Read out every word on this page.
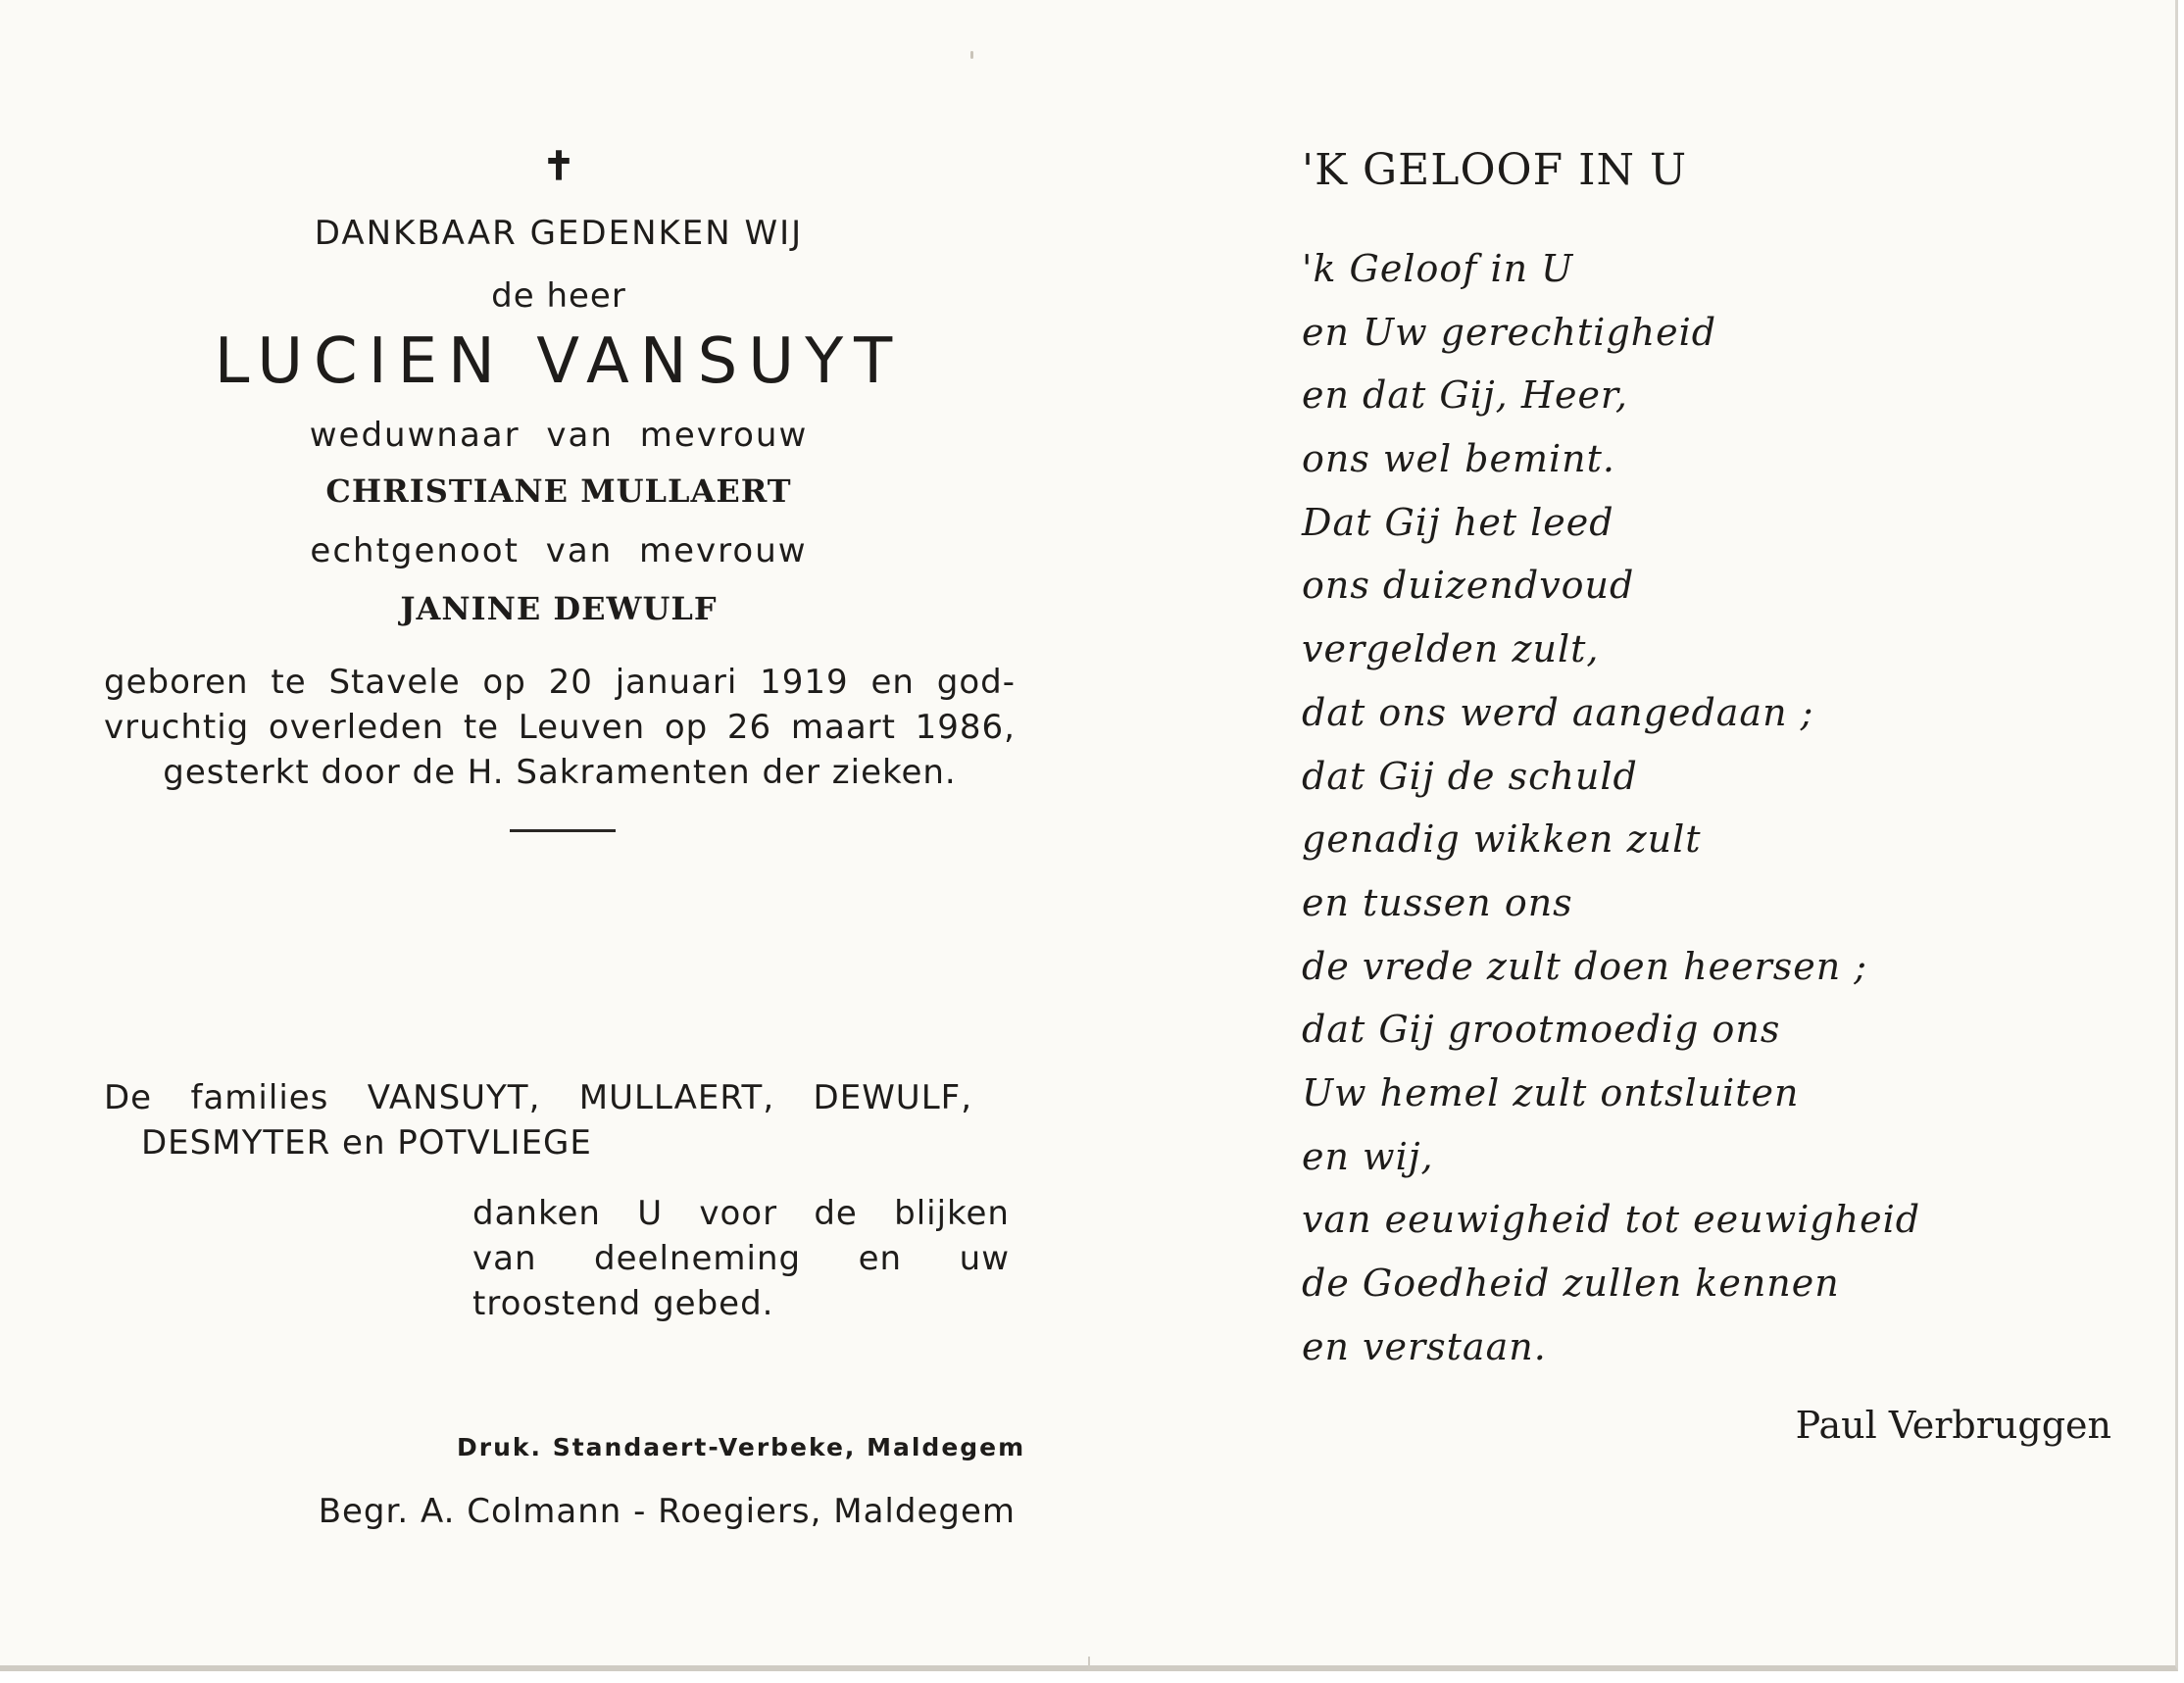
✝
DANKBAAR GEDENKEN WIJ
de heer
LUCIEN VANSUYT
weduwnaar van mevrouw
CHRISTIANE MULLAERT
echtgenoot van mevrouw
JANINE DEWULF
geboren te Stavele op 20 januari 1919 en god-
vruchtig overleden te Leuven op 26 maart 1986,
gesterkt door de H. Sakramenten der zieken.
De families VANSUYT, MULLAERT, DEWULF,
DESMYTER en POTVLIEGE
danken U voor de blijken
van deelneming en uw
troostend gebed.
Druk. Standaert-Verbeke, Maldegem
Begr. A. Colmann - Roegiers, Maldegem
'K GELOOF IN U
'k Geloof in U
en Uw gerechtigheid
en dat Gij, Heer,
ons wel bemint.
Dat Gij het leed
ons duizendvoud
vergelden zult,
dat ons werd aangedaan ;
dat Gij de schuld
genadig wikken zult
en tussen ons
de vrede zult doen heersen ;
dat Gij grootmoedig ons
Uw hemel zult ontsluiten
en wij,
van eeuwigheid tot eeuwigheid
de Goedheid zullen kennen
en verstaan.
Paul Verbruggen
